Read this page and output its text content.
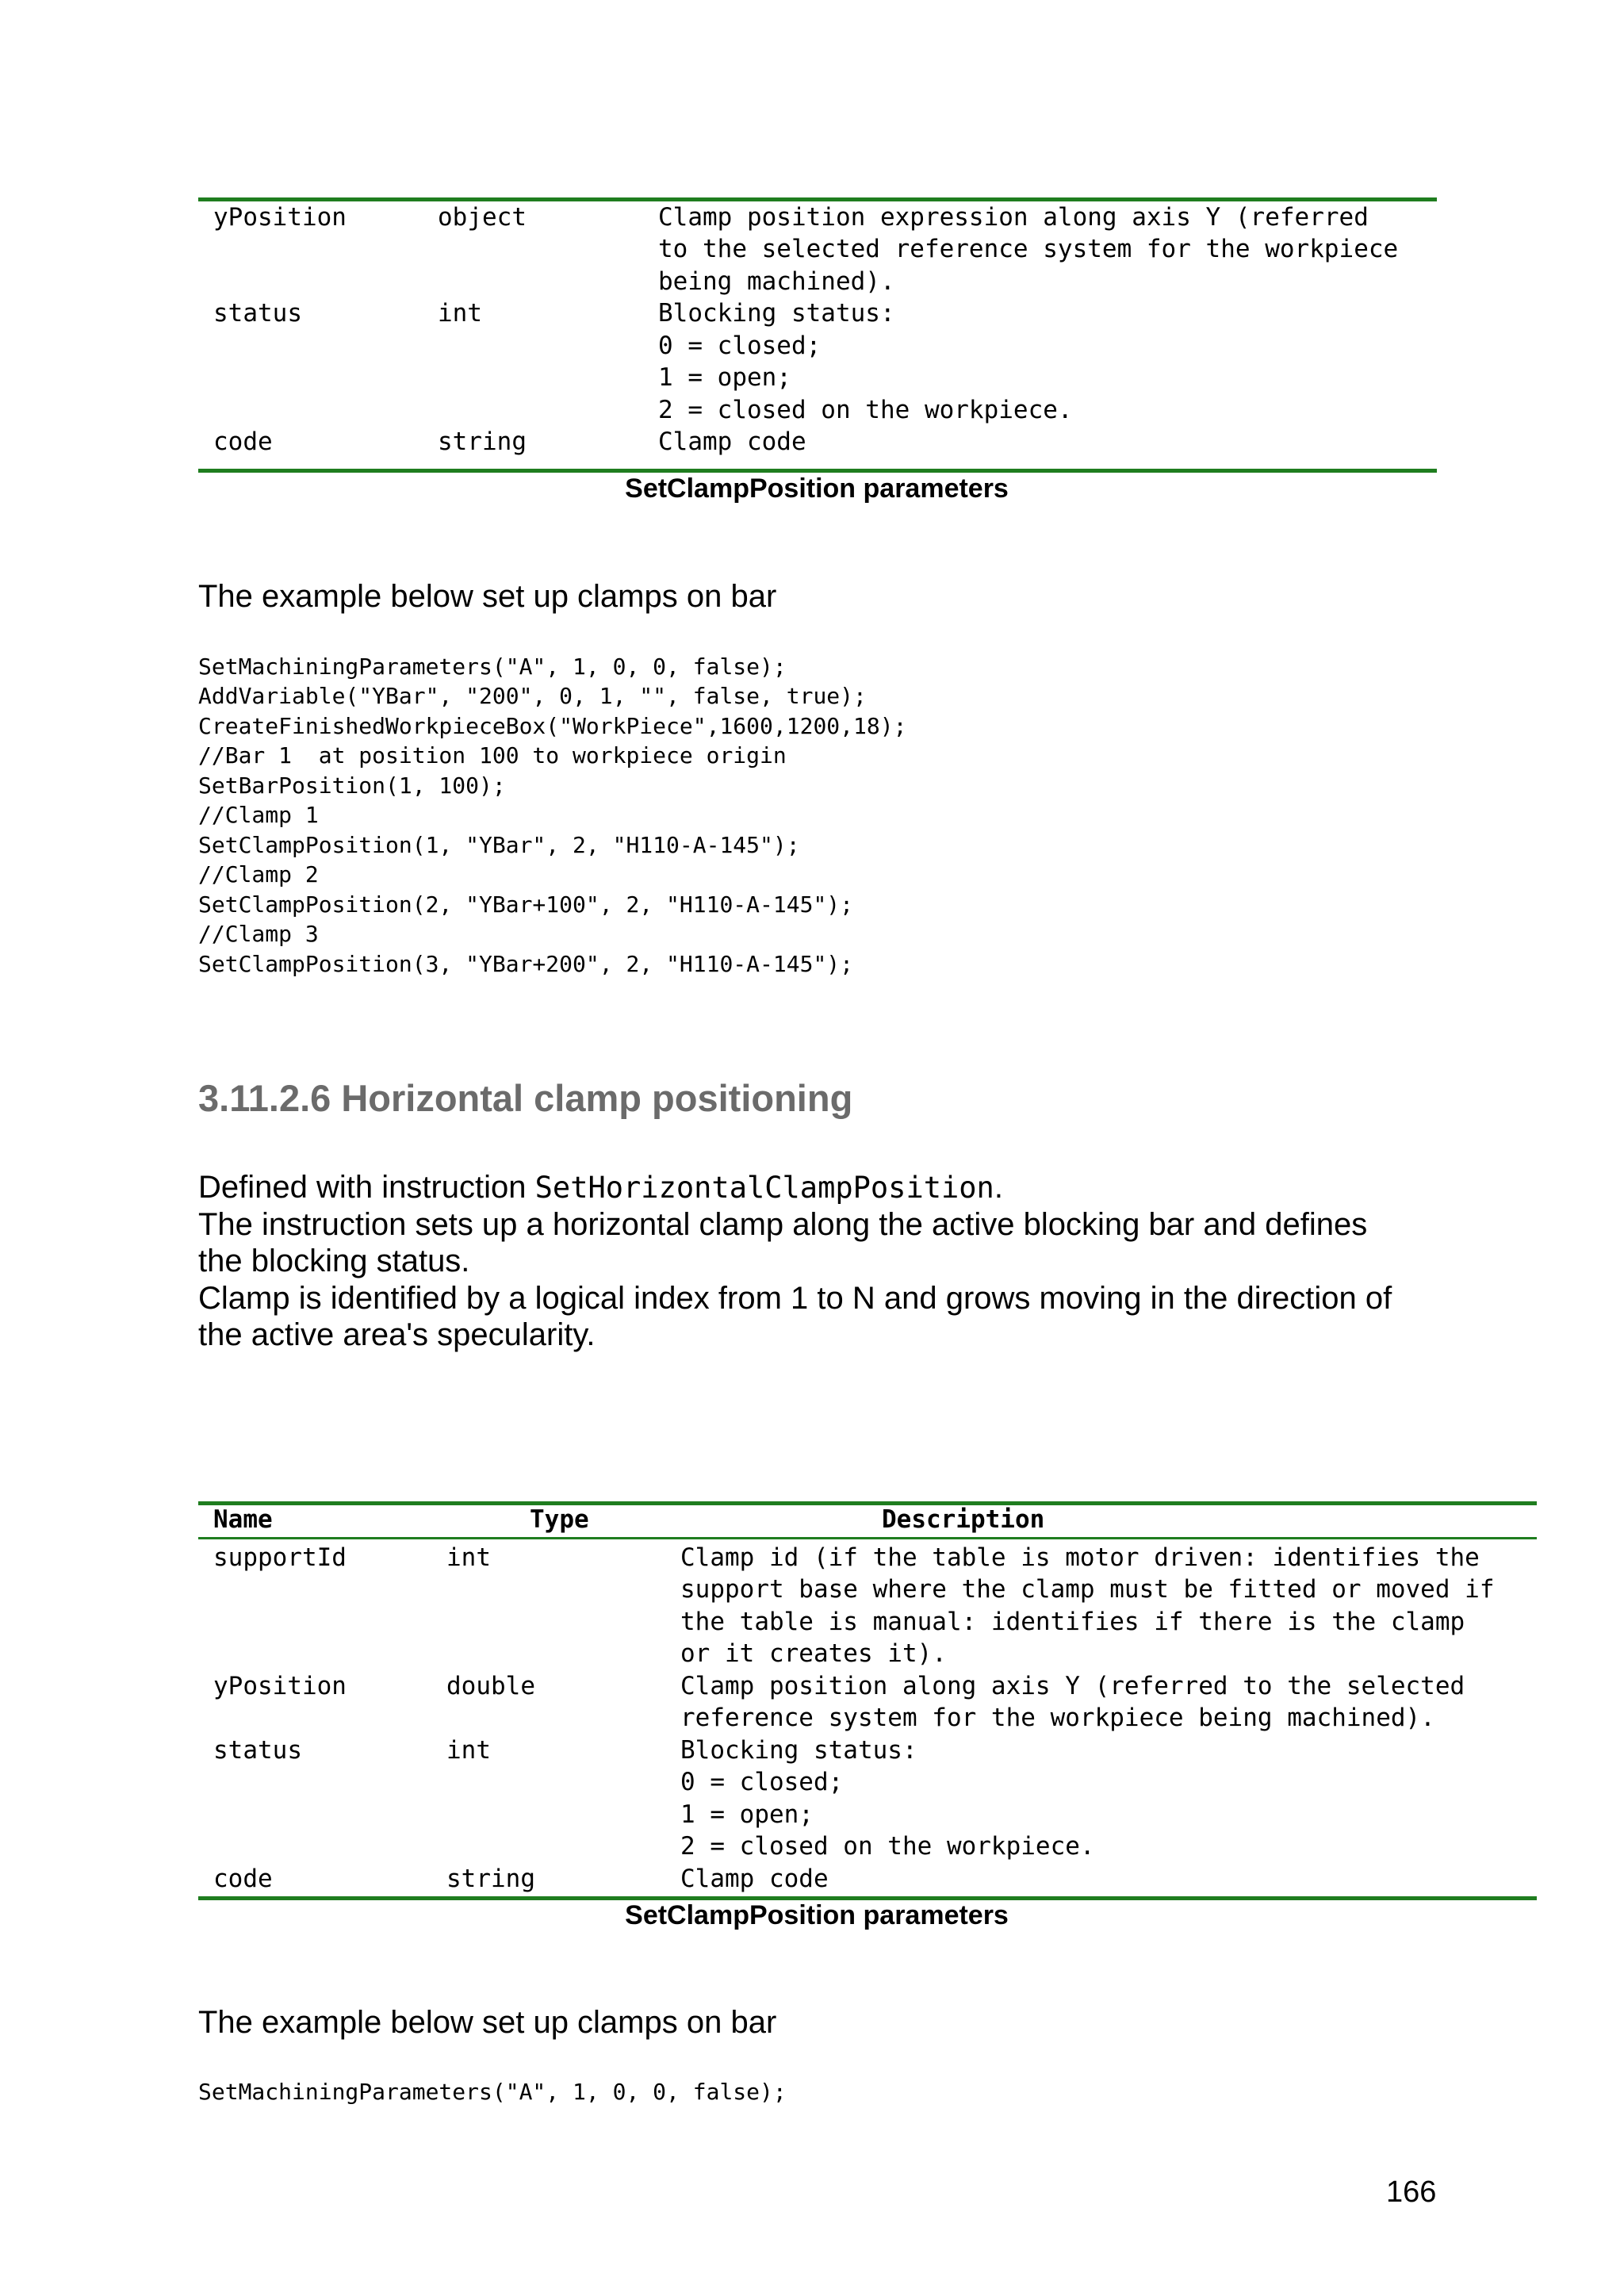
yPosition	object	Clamp position expression along axis Y (referred
to the selected reference system for the workpiece
being machined).
status	int	Blocking status:
0 = closed;
1 = open;
2 = closed on the workpiece.
code	string	Clamp code
SetClampPosition parameters
The example below set up clamps on bar
SetMachiningParameters("A", 1, 0, 0, false);
AddVariable("YBar", "200", 0, 1, "", false, true);
CreateFinishedWorkpieceBox("WorkPiece",1600,1200,18);
//Bar 1  at position 100 to workpiece origin
SetBarPosition(1, 100);
//Clamp 1
SetClampPosition(1, "YBar", 2, "H110-A-145");
//Clamp 2
SetClampPosition(2, "YBar+100", 2, "H110-A-145");
//Clamp 3
SetClampPosition(3, "YBar+200", 2, "H110-A-145");
3.11.2.6 Horizontal clamp positioning
Defined with instruction SetHorizontalClampPosition.
The instruction sets up a horizontal clamp along the active blocking bar and defines
the blocking status.
Clamp is identified by a logical index from 1 to N and grows moving in the direction of
the active area's specularity.
Name	Type	Description
supportId	int	Clamp id (if the table is motor driven: identifies the
support base where the clamp must be fitted or moved if
the table is manual: identifies if there is the clamp
or it creates it).
yPosition	double	Clamp position along axis Y (referred to the selected
reference system for the workpiece being machined).
status	int	Blocking status:
0 = closed;
1 = open;
2 = closed on the workpiece.
code	string	Clamp code
SetClampPosition parameters
The example below set up clamps on bar
SetMachiningParameters("A", 1, 0, 0, false);
166
